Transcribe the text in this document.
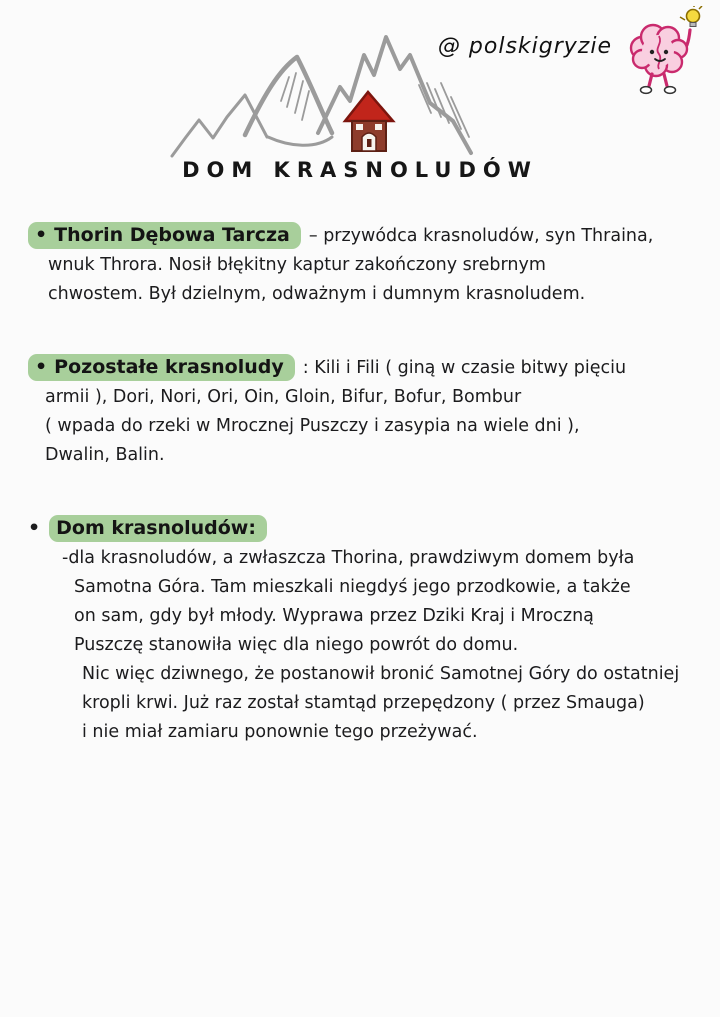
@ polskigryzie
DOM KRASNOLUDÓW
• Thorin Dębowa Tarcza – przywódca krasnoludów, syn Thraina,
wnuk Throra. Nosił błękitny kaptur zakończony srebrnym
chwostem. Był dzielnym, odważnym i dumnym krasnoludem.
• Pozostałe krasnoludy : Kili i Fili ( giną w czasie bitwy pięciu
armii ), Dori, Nori, Ori, Oin, Gloin, Bifur, Bofur, Bombur
( wpada do rzeki w Mrocznej Puszczy i zasypia na wiele dni ),
Dwalin, Balin.
• Dom krasnoludów:
-dla krasnoludów, a zwłaszcza Thorina, prawdziwym domem była
Samotna Góra. Tam mieszkali niegdyś jego przodkowie, a także
on sam, gdy był młody. Wyprawa przez Dziki Kraj i Mroczną
Puszczę stanowiła więc dla niego powrót do domu.
Nic więc dziwnego, że postanowił bronić Samotnej Góry do ostatniej
kropli krwi. Już raz został stamtąd przepędzony ( przez Smauga)
i nie miał zamiaru ponownie tego przeżywać.
